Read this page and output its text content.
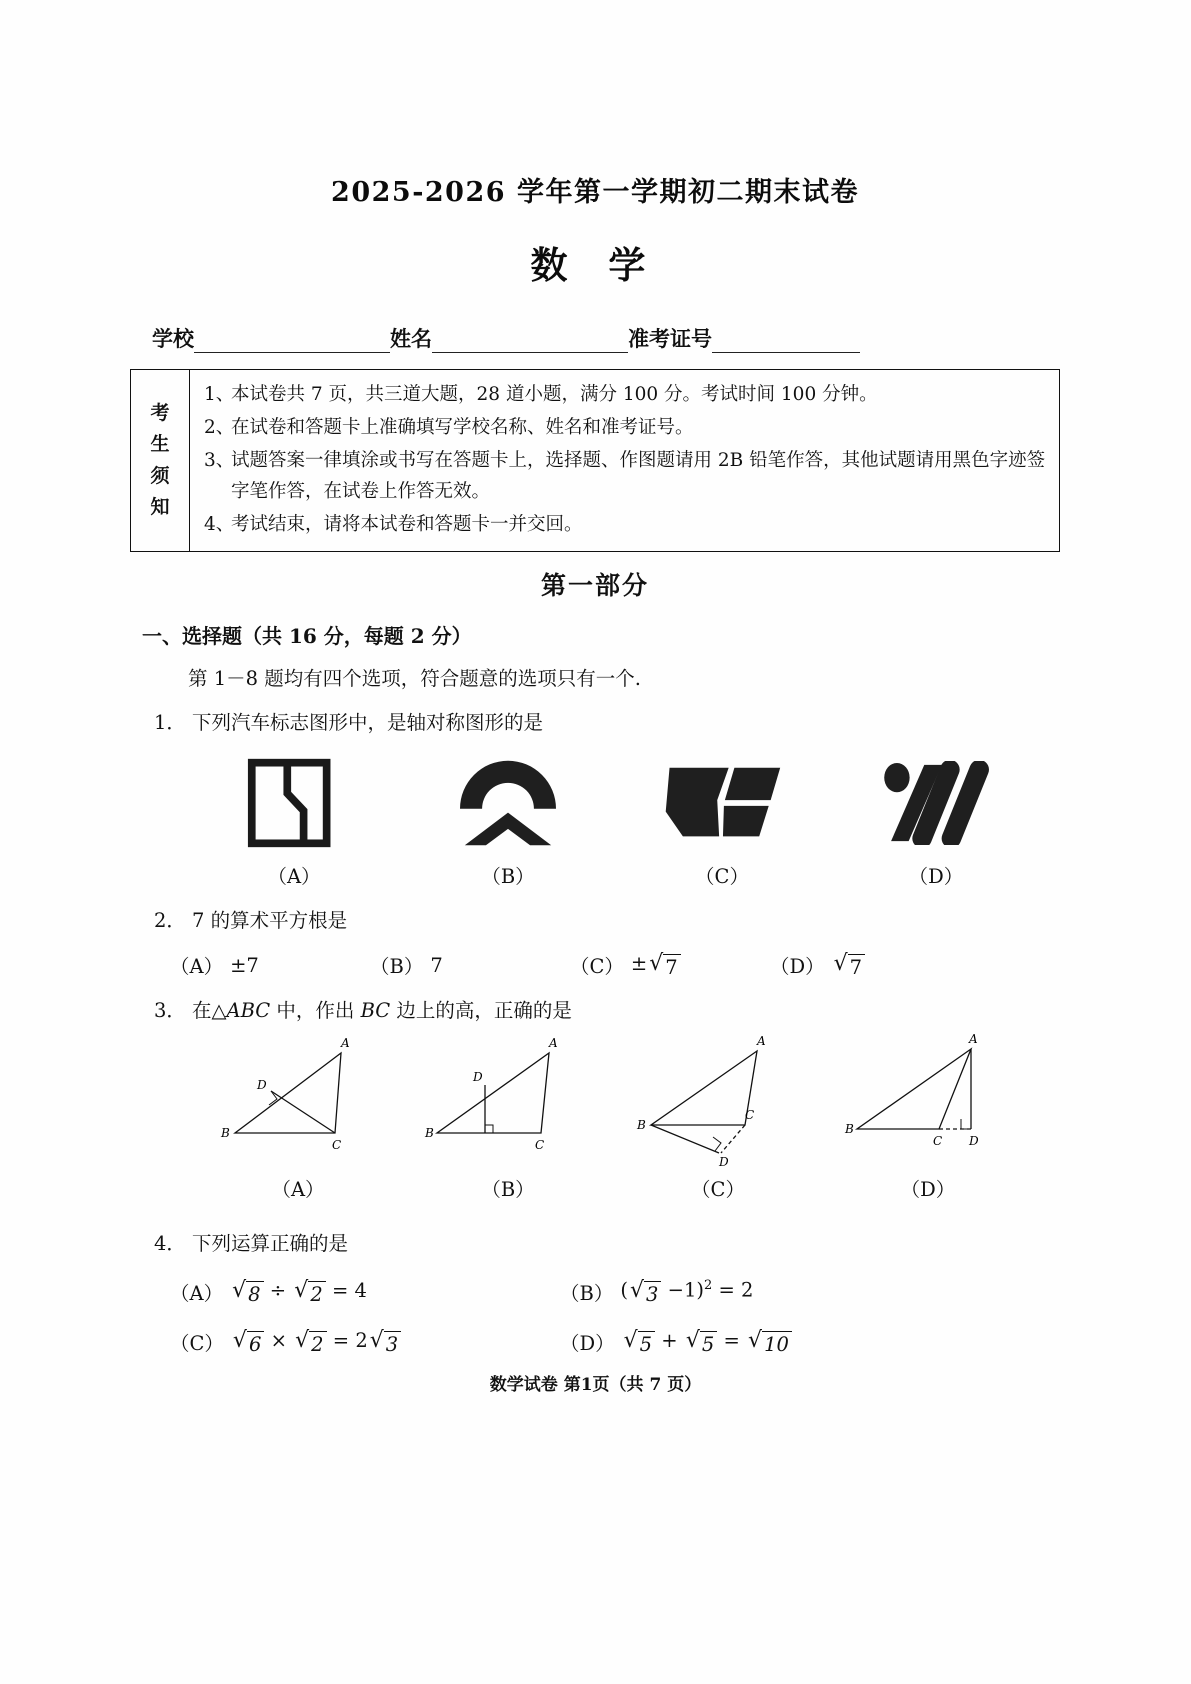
2025-2026 学年第一学期初二期末试卷
数 学
学校	姓名	准考证号
考
生
须
知
1、
本试卷共 7 页，共三道大题，28 道小题，满分 100 分。考试时间 100 分钟。
2、
在试卷和答题卡上准确填写学校名称、姓名和准考证号。
3、
试题答案一律填涂或书写在答题卡上，选择题、作图题请用 2B 铅笔作答，其他试题请用黑色字迹签字笔作答，在试卷上作答无效。
4、
考试结束，请将本试卷和答题卡一并交回。
第一部分
一、选择题（共 16 分，每题 2 分）
第 1－8 题均有四个选项，符合题意的选项只有一个.
1． 下列汽车标志图形中，是轴对称图形的是
（A）	（B）	（C）	（D）
2． 7 的算术平方根是
（A） ±7	（B） 7	（C） ± √ 7	（D） √ 7
3． 在△ABC 中，作出 BC 边上的高，正确的是
A
B
C
D
A
B
C
D
A
B
C
D
A
B
C D
（A）	（B）	（C）	（D）
4． 下列运算正确的是
（A） √ 8 ÷ √ 2 = 4	（B） ( √ 3 −1)$^2$ = 2
（C） √ 6 × √ 2 = 2 √ 3	（D） √ 5 + √ 5 = √ 10
数学试卷 第1页（共 7 页）
